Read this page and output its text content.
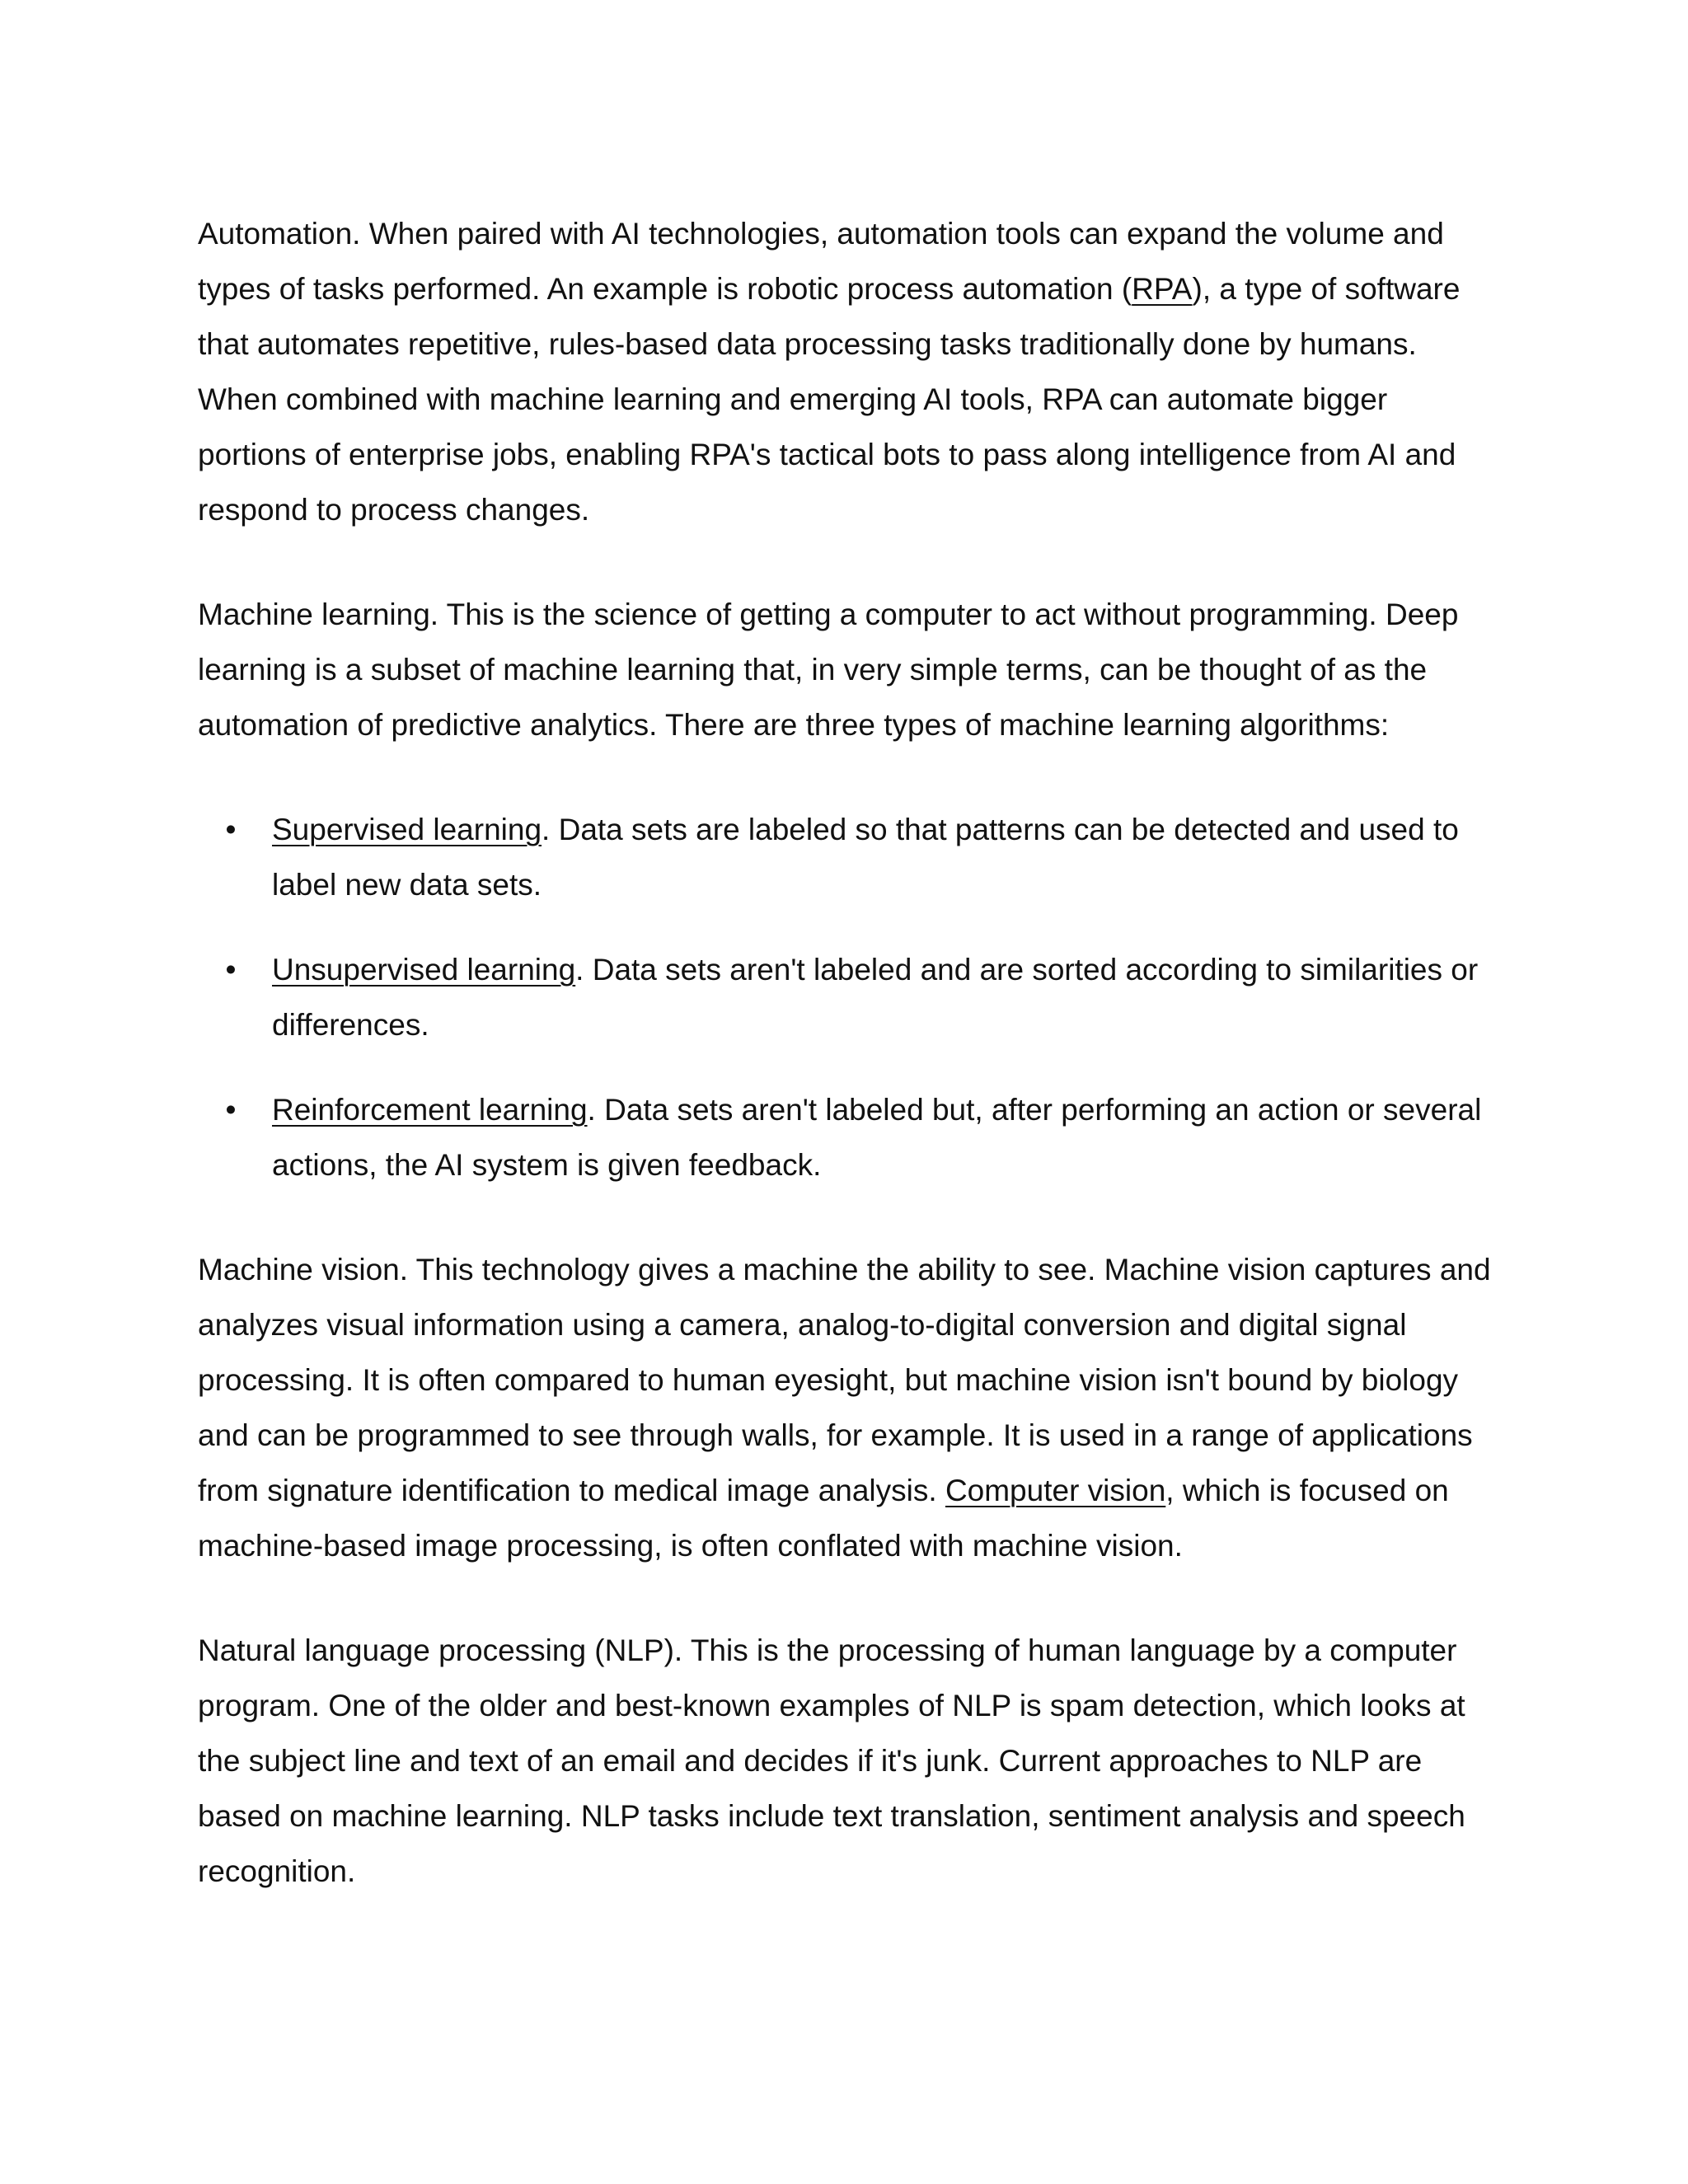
Automation. When paired with AI technologies, automation tools can expand the volume and types of tasks performed. An example is robotic process automation (RPA), a type of software that automates repetitive, rules-based data processing tasks traditionally done by humans. When combined with machine learning and emerging AI tools, RPA can automate bigger portions of enterprise jobs, enabling RPA's tactical bots to pass along intelligence from AI and respond to process changes.

Machine learning. This is the science of getting a computer to act without programming. Deep learning is a subset of machine learning that, in very simple terms, can be thought of as the automation of predictive analytics. There are three types of machine learning algorithms:

• Supervised learning. Data sets are labeled so that patterns can be detected and used to label new data sets.
• Unsupervised learning. Data sets aren't labeled and are sorted according to similarities or differences.
• Reinforcement learning. Data sets aren't labeled but, after performing an action or several actions, the AI system is given feedback.

Machine vision. This technology gives a machine the ability to see. Machine vision captures and analyzes visual information using a camera, analog-to-digital conversion and digital signal processing. It is often compared to human eyesight, but machine vision isn't bound by biology and can be programmed to see through walls, for example. It is used in a range of applications from signature identification to medical image analysis. Computer vision, which is focused on machine-based image processing, is often conflated with machine vision.

Natural language processing (NLP). This is the processing of human language by a computer program. One of the older and best-known examples of NLP is spam detection, which looks at the subject line and text of an email and decides if it's junk. Current approaches to NLP are based on machine learning. NLP tasks include text translation, sentiment analysis and speech recognition.
